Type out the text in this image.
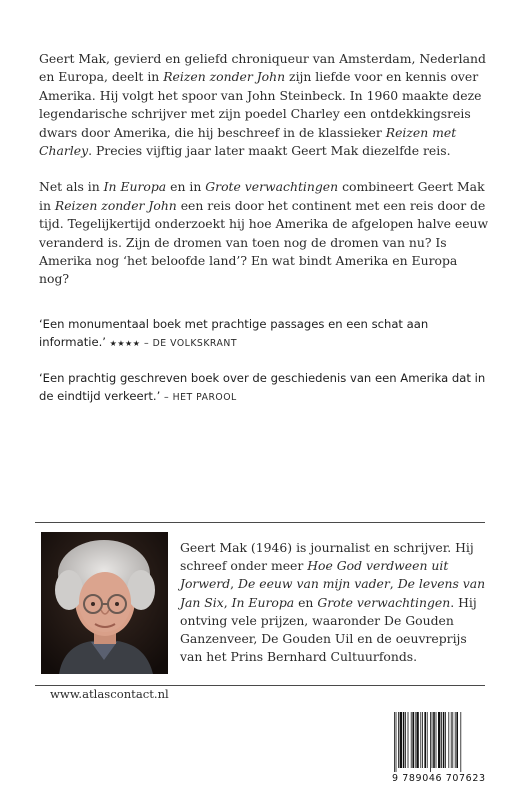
Geert Mak, gevierd en geliefd chroniqueur van Amsterdam, Nederland en Europa, deelt in Reizen zonder John zijn liefde voor en kennis over Amerika. Hij volgt het spoor van John Steinbeck. In 1960 maakte deze legendarische schrijver met zijn poedel Charley een ontdekkingsreis dwars door Amerika, die hij beschreef in de klassieker Reizen met Charley. Precies vijftig jaar later maakt Geert Mak diezelfde reis.

Net als in In Europa en in Grote verwachtingen combineert Geert Mak in Reizen zonder John een reis door het continent met een reis door de tijd. Tegelijkertijd onderzoekt hij hoe Amerika de afgelopen halve eeuw veranderd is. Zijn de dromen van toen nog de dromen van nu? Is Amerika nog ‘het beloofde land’? En wat bindt Amerika en Europa nog?

‘Een monumentaal boek met prachtige passages en een schat aan informatie.’ ★★★★ – DE VOLKSKRANT
‘Een prachtig geschreven boek over de geschiedenis van een Amerika dat in de eindtijd verkeert.’ – HET PAROOL
Geert Mak (1946) is journalist en schrijver. Hij schreef onder meer Hoe God verdween uit Jorwerd, De eeuw van mijn vader, De levens van Jan Six, In Europa en Grote verwachtingen. Hij ontving vele prijzen, waaronder De Gouden Ganzenveer, De Gouden Uil en de oeuvreprijs van het Prins Bernhard Cultuurfonds.
www.atlascontact.nl
9 789046 707623
